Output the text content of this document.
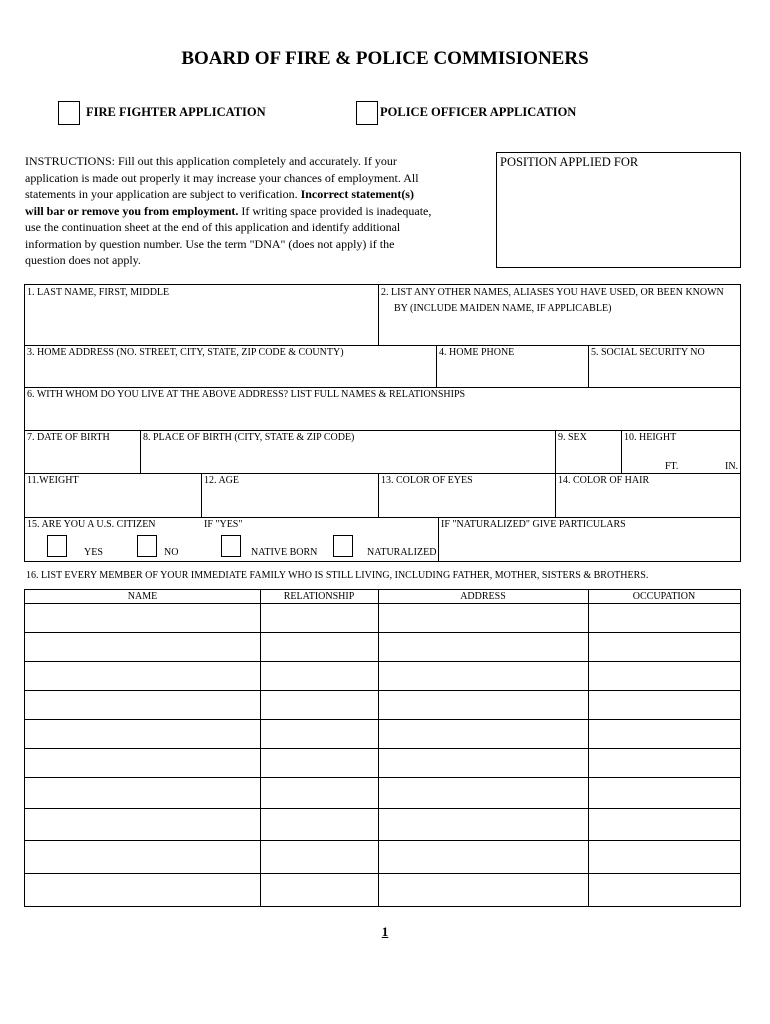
BOARD OF FIRE & POLICE COMMISIONERS
FIRE FIGHTER APPLICATION	POLICE OFFICER APPLICATION
INSTRUCTIONS: Fill out this application completely and accurately. If your application is made out properly it may increase your chances of employment. All statements in your application are subject to verification. Incorrect statement(s) will bar or remove you from employment. If writing space provided is inadequate, use the continuation sheet at the end of this application and identify additional information by question number. Use the term "DNA" (does not apply) if the question does not apply.
POSITION APPLIED FOR
1. LAST NAME, FIRST, MIDDLE	2. LIST ANY OTHER NAMES, ALIASES YOU HAVE USED, OR BEEN KNOWN
BY (INCLUDE MAIDEN NAME, IF APPLICABLE)
3. HOME ADDRESS (NO. STREET, CITY, STATE, ZIP CODE & COUNTY)	4. HOME PHONE	5. SOCIAL SECURITY NO
6. WITH WHOM DO YOU LIVE AT THE ABOVE ADDRESS? LIST FULL NAMES & RELATIONSHIPS
7. DATE OF BIRTH	8. PLACE OF BIRTH (CITY, STATE & ZIP CODE)	9. SEX	10. HEIGHT
FT.	IN.
11.WEIGHT	12. AGE	13. COLOR OF EYES	14. COLOR OF HAIR
15. ARE YOU A U.S. CITIZEN	IF "YES"	IF "NATURALIZED" GIVE PARTICULARS
YES	NO	NATIVE BORN	NATURALIZED
16. LIST EVERY MEMBER OF YOUR IMMEDIATE FAMILY WHO IS STILL LIVING, INCLUDING FATHER, MOTHER, SISTERS & BROTHERS.
NAME	RELATIONSHIP	ADDRESS	OCCUPATION
1
